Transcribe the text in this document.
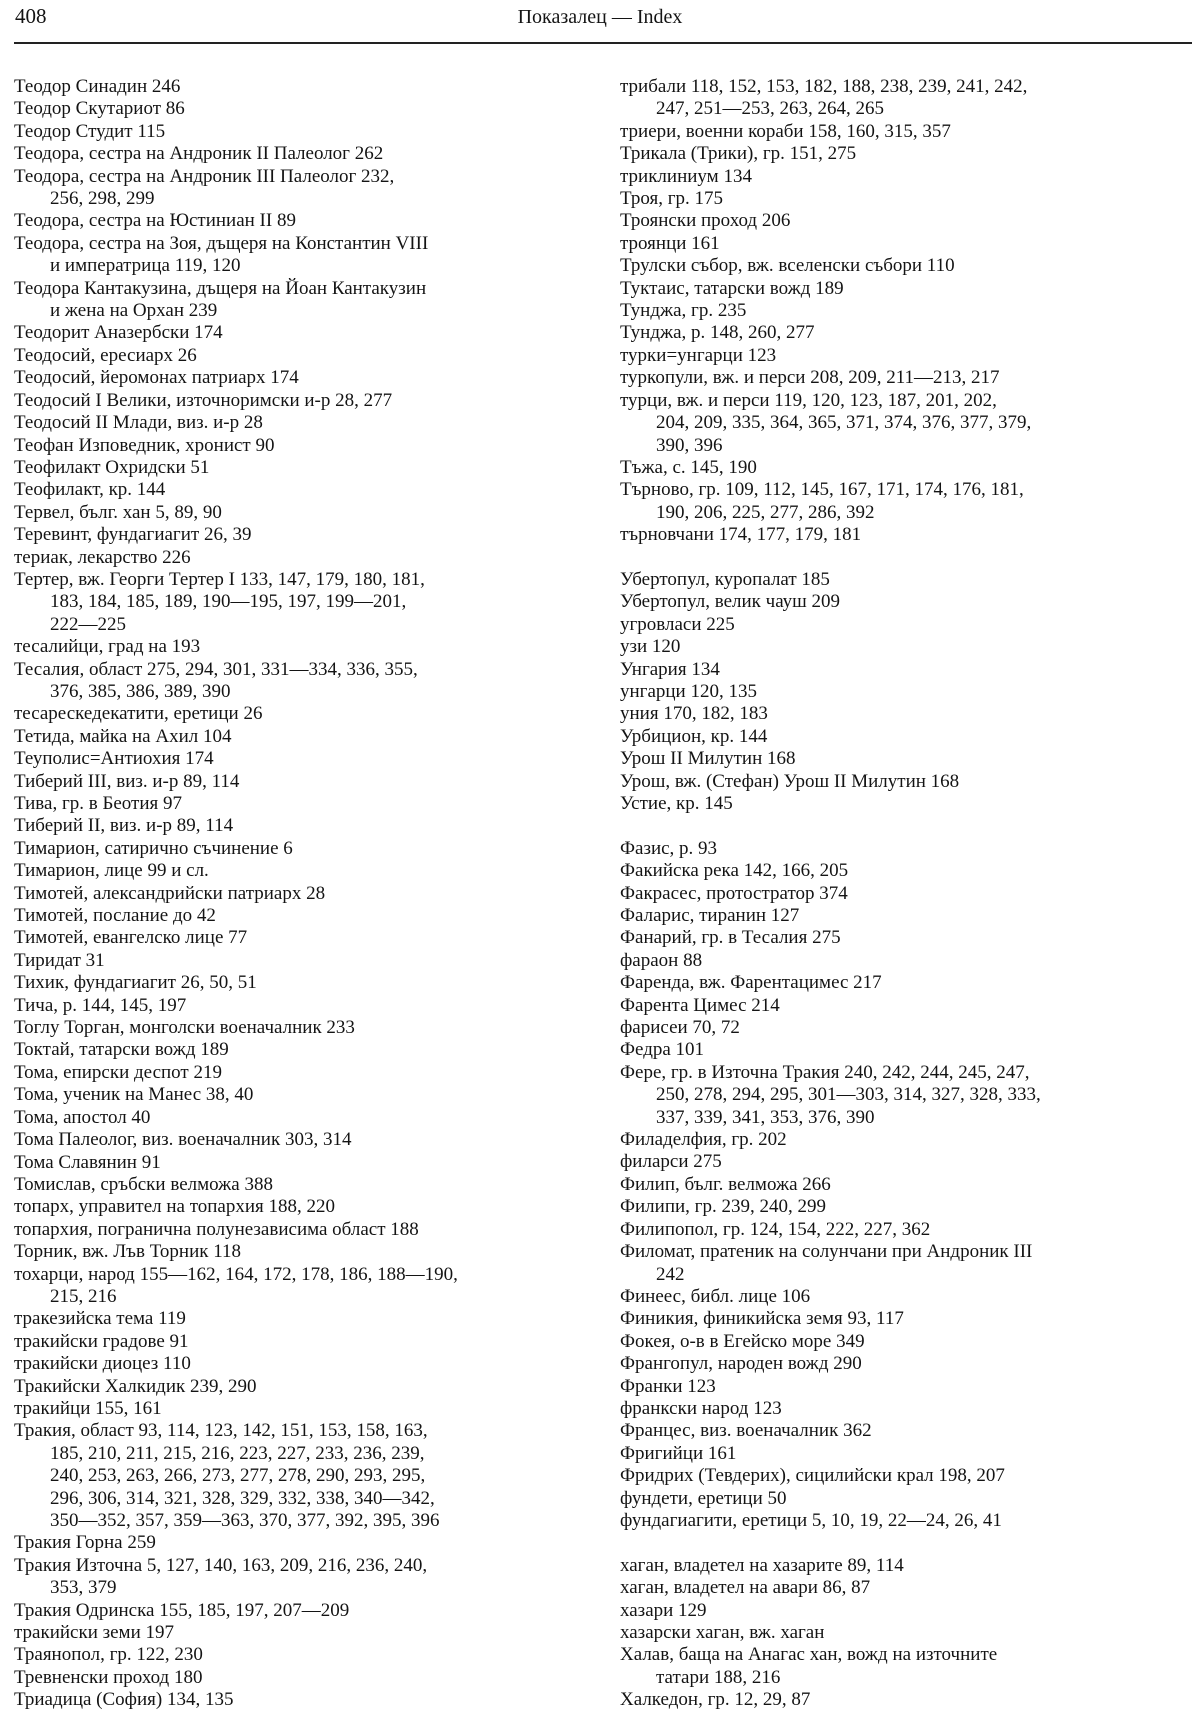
408	Показалец — Index
Теодор Синадин 246
Теодор Скутариот 86
Теодор Студит 115
Теодора, сестра на Андроник II Палеолог 262
Теодора, сестра на Андроник III Палеолог 232,
256, 298, 299
Теодора, сестра на Юстиниан II 89
Теодора, сестра на Зоя, дъщеря на Константин VIII
и императрица 119, 120
Теодора Кантакузина, дъщеря на Йоан Кантакузин
и жена на Орхан 239
Теодорит Аназербски 174
Теодосий, ересиарх 26
Теодосий, йеромонах патриарх 174
Теодосий I Велики, източноримски и-р 28, 277
Теодосий II Млади, виз. и-р 28
Теофан Изповедник, хронист 90
Теофилакт Охридски 51
Теофилакт, кр. 144
Тервел, бълг. хан 5, 89, 90
Теревинт, фундагиагит 26, 39
териак, лекарство 226
Тертер, вж. Георги Тертер I 133, 147, 179, 180, 181,
183, 184, 185, 189, 190—195, 197, 199—201,
222—225
тесалийци, град на 193
Тесалия, област 275, 294, 301, 331—334, 336, 355,
376, 385, 386, 389, 390
тесарескедекатити, еретици 26
Тетида, майка на Ахил 104
Теуполис=Антиохия 174
Тиберий III, виз. и-р 89, 114
Тива, гр. в Беотия 97
Тиберий II, виз. и-р 89, 114
Тимарион, сатирично съчинение 6
Тимарион, лице 99 и сл.
Тимотей, александрийски патриарх 28
Тимотей, послание до 42
Тимотей, евангелско лице 77
Тиридат 31
Тихик, фундагиагит 26, 50, 51
Тича, р. 144, 145, 197
Тоглу Торган, монголски военачалник 233
Токтай, татарски вожд 189
Тома, епирски деспот 219
Тома, ученик на Манес 38, 40
Тома, апостол 40
Тома Палеолог, виз. военачалник 303, 314
Тома Славянин 91
Томислав, сръбски велможа 388
топарх, управител на топархия 188, 220
топархия, погранична полунезависима област 188
Торник, вж. Лъв Торник 118
тохарци, народ 155—162, 164, 172, 178, 186, 188—190,
215, 216
тракезийска тема 119
тракийски градове 91
тракийски диоцез 110
Тракийски Халкидик 239, 290
тракийци 155, 161
Тракия, област 93, 114, 123, 142, 151, 153, 158, 163,
185, 210, 211, 215, 216, 223, 227, 233, 236, 239,
240, 253, 263, 266, 273, 277, 278, 290, 293, 295,
296, 306, 314, 321, 328, 329, 332, 338, 340—342,
350—352, 357, 359—363, 370, 377, 392, 395, 396
Тракия Горна 259
Тракия Източна 5, 127, 140, 163, 209, 216, 236, 240,
353, 379
Тракия Одринска 155, 185, 197, 207—209
тракийски земи 197
Траянопол, гр. 122, 230
Тревненски проход 180
Триадица (София) 134, 135
трибали 118, 152, 153, 182, 188, 238, 239, 241, 242,
247, 251—253, 263, 264, 265
триери, военни кораби 158, 160, 315, 357
Трикала (Трики), гр. 151, 275
триклиниум 134
Троя, гр. 175
Троянски проход 206
троянци 161
Трулски събор, вж. вселенски събори 110
Туктаис, татарски вожд 189
Тунджа, гр. 235
Тунджа, р. 148, 260, 277
турки=унгарци 123
туркопули, вж. и перси 208, 209, 211—213, 217
турци, вж. и перси 119, 120, 123, 187, 201, 202,
204, 209, 335, 364, 365, 371, 374, 376, 377, 379,
390, 396
Тъжа, с. 145, 190
Търново, гр. 109, 112, 145, 167, 171, 174, 176, 181,
190, 206, 225, 277, 286, 392
търновчани 174, 177, 179, 181
Убертопул, куропалат 185
Убертопул, велик чауш 209
угровласи 225
узи 120
Унгария 134
унгарци 120, 135
уния 170, 182, 183
Урбицион, кр. 144
Урош II Милутин 168
Урош, вж. (Стефан) Урош II Милутин 168
Устие, кр. 145
Фазис, р. 93
Факийска река 142, 166, 205
Факрасес, протостратор 374
Фаларис, тиранин 127
Фанарий, гр. в Тесалия 275
фараон 88
Фаренда, вж. Фарентацимес 217
Фарента Цимес 214
фарисеи 70, 72
Федра 101
Фере, гр. в Източна Тракия 240, 242, 244, 245, 247,
250, 278, 294, 295, 301—303, 314, 327, 328, 333,
337, 339, 341, 353, 376, 390
Филаделфия, гр. 202
филарси 275
Филип, бълг. велможа 266
Филипи, гр. 239, 240, 299
Филипопол, гр. 124, 154, 222, 227, 362
Филомат, пратеник на солунчани при Андроник III
242
Финеес, библ. лице 106
Финикия, финикийска земя 93, 117
Фокея, о-в в Егейско море 349
Франгопул, народен вожд 290
Франки 123
франкски народ 123
Францес, виз. военачалник 362
Фригийци 161
Фридрих (Тевдерих), сицилийски крал 198, 207
фундети, еретици 50
фундагиагити, еретици 5, 10, 19, 22—24, 26, 41
хаган, владетел на хазарите 89, 114
хаган, владетел на авари 86, 87
хазари 129
хазарски хаган, вж. хаган
Халав, баща на Анагас хан, вожд на източните
татари 188, 216
Халкедон, гр. 12, 29, 87
